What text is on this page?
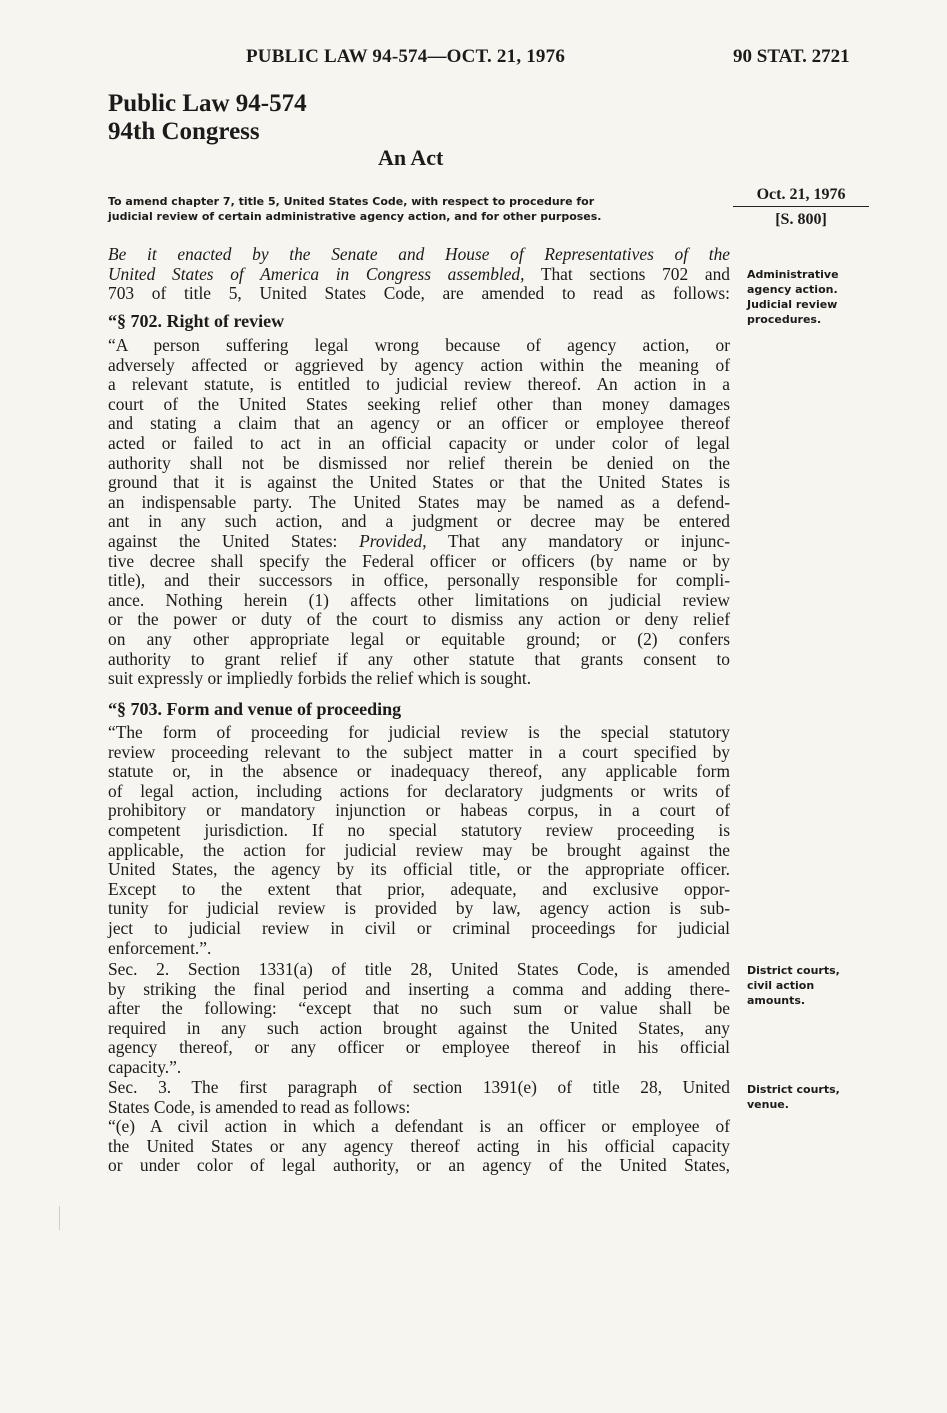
PUBLIC LAW 94-574—OCT. 21, 1976	90 STAT. 2721
Public Law 94-574
94th Congress
An Act
To amend chapter 7, title 5, United States Code, with respect to procedure for
judicial review of certain administrative agency action, and for other purposes.
Oct. 21, 1976
[S. 800]
Administrative
agency action.
Judicial review
procedures.
District courts,
civil action
amounts.
District courts,
venue.
Be it enacted by the Senate and House of Representatives of the
United States of America in Congress assembled, That sections 702 and
703 of title 5, United States Code, are amended to read as follows:
“§ 702. Right of review
“A person suffering legal wrong because of agency action, or
adversely affected or aggrieved by agency action within the meaning of
a relevant statute, is entitled to judicial review thereof. An action in a
court of the United States seeking relief other than money damages
and stating a claim that an agency or an officer or employee thereof
acted or failed to act in an official capacity or under color of legal
authority shall not be dismissed nor relief therein be denied on the
ground that it is against the United States or that the United States is
an indispensable party. The United States may be named as a defend-
ant in any such action, and a judgment or decree may be entered
against the United States: Provided, That any mandatory or injunc-
tive decree shall specify the Federal officer or officers (by name or by
title), and their successors in office, personally responsible for compli-
ance. Nothing herein (1) affects other limitations on judicial review
or the power or duty of the court to dismiss any action or deny relief
on any other appropriate legal or equitable ground; or (2) confers
authority to grant relief if any other statute that grants consent to
suit expressly or impliedly forbids the relief which is sought.
“§ 703. Form and venue of proceeding
“The form of proceeding for judicial review is the special statutory
review proceeding relevant to the subject matter in a court specified by
statute or, in the absence or inadequacy thereof, any applicable form
of legal action, including actions for declaratory judgments or writs of
prohibitory or mandatory injunction or habeas corpus, in a court of
competent jurisdiction. If no special statutory review proceeding is
applicable, the action for judicial review may be brought against the
United States, the agency by its official title, or the appropriate officer.
Except to the extent that prior, adequate, and exclusive oppor-
tunity for judicial review is provided by law, agency action is sub-
ject to judicial review in civil or criminal proceedings for judicial
enforcement.”.
Sec. 2. Section 1331(a) of title 28, United States Code, is amended
by striking the final period and inserting a comma and adding there-
after the following: “except that no such sum or value shall be
required in any such action brought against the United States, any
agency thereof, or any officer or employee thereof in his official
capacity.”.
Sec. 3. The first paragraph of section 1391(e) of title 28, United
States Code, is amended to read as follows:
“(e) A civil action in which a defendant is an officer or employee of
the United States or any agency thereof acting in his official capacity
or under color of legal authority, or an agency of the United States,
